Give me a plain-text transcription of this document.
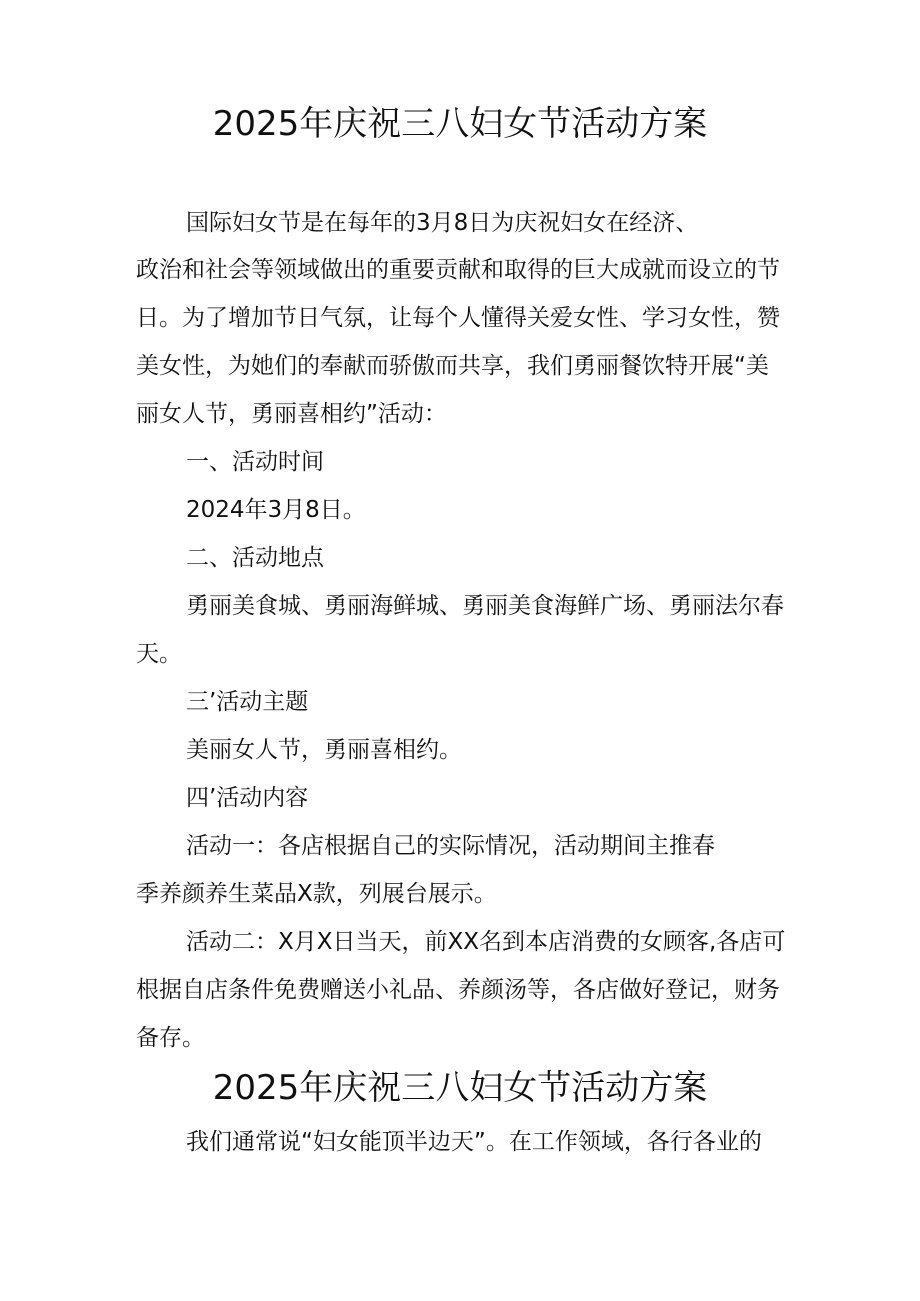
2025年庆祝三八妇女节活动方案
国际妇女节是在每年的3月8日为庆祝妇女在经济、
政治和社会等领域做出的重要贡献和取得的巨大成就而设立的节
日。为了增加节日气氛，让每个人懂得关爱女性、学习女性，赞
美女性，为她们的奉献而骄傲而共享，我们勇丽餐饮特开展“美
丽女人节，勇丽喜相约”活动：
一、活动时间
2024年3月8日。
二、活动地点
勇丽美食城、勇丽海鲜城、勇丽美食海鲜广场、勇丽法尔春
天。
三’活动主题
美丽女人节，勇丽喜相约。
四’活动内容
活动一：各店根据自己的实际情况，活动期间主推春
季养颜养生菜品X款，列展台展示。
活动二：X月X日当天，前XX名到本店消费的女顾客,各店可
根据自店条件免费赠送小礼品、养颜汤等，各店做好登记，财务
备存。
2025年庆祝三八妇女节活动方案
我们通常说“妇女能顶半边天”。在工作领域，各行各业的
